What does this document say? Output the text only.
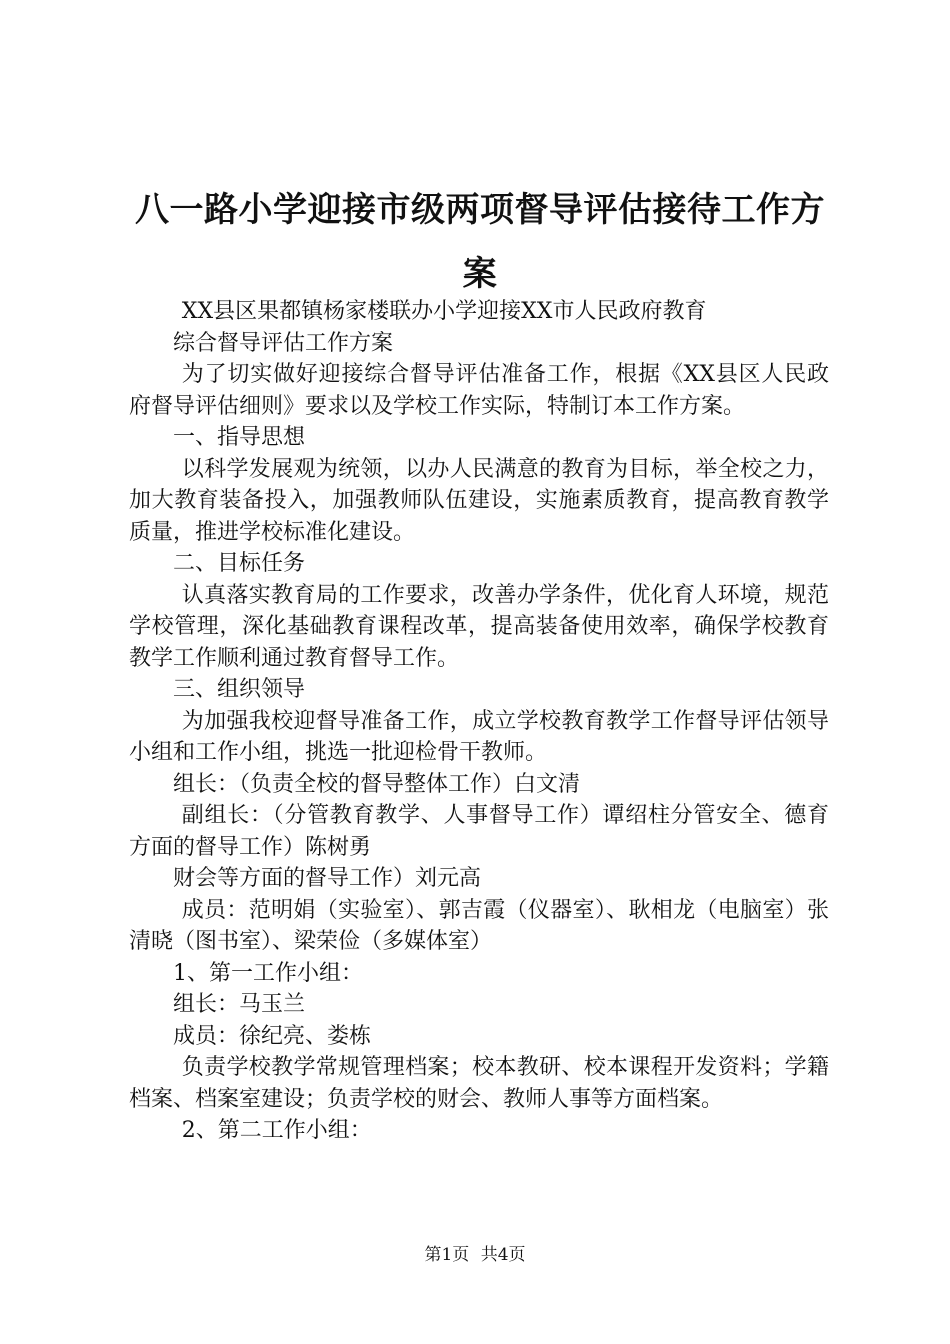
八一路小学迎接市级两项督导评估接待工作方案

XX县区果都镇杨家楼联办小学迎接XX市人民政府教育

综合督导评估工作方案

为了切实做好迎接综合督导评估准备工作，根据《XX县区人民政府督导评估细则》要求以及学校工作实际，特制订本工作方案。

一、指导思想

以科学发展观为统领，以办人民满意的教育为目标，举全校之力，加大教育装备投入，加强教师队伍建设，实施素质教育，提高教育教学质量，推进学校标准化建设。

二、目标任务

认真落实教育局的工作要求，改善办学条件，优化育人环境，规范学校管理，深化基础教育课程改革，提高装备使用效率，确保学校教育教学工作顺利通过教育督导工作。

三、组织领导

为加强我校迎督导准备工作，成立学校教育教学工作督导评估领导小组和工作小组，挑选一批迎检骨干教师。

组长：（负责全校的督导整体工作）白文清

副组长：（分管教育教学、人事督导工作）谭绍柱分管安全、德育方面的督导工作）陈树勇

财会等方面的督导工作）刘元高

成员：范明娟（实验室）、郭吉霞（仪器室）、耿相龙（电脑室）张清晓（图书室）、梁荣俭（多媒体室）

1、第一工作小组：

组长：马玉兰

成员：徐纪亮、娄栋

负责学校教学常规管理档案；校本教研、校本课程开发资料；学籍档案、档案室建设；负责学校的财会、教师人事等方面档案。

2、第二工作小组：

第1页 共4页
